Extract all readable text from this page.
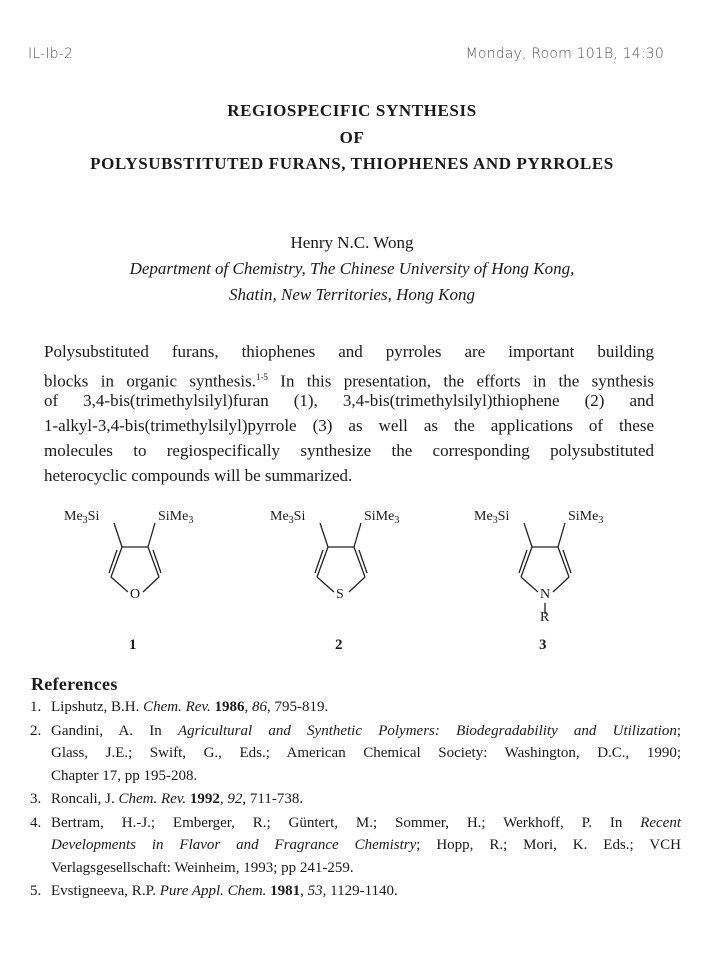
IL-Ib-2	Monday, Room 101B, 14:30
REGIOSPECIFIC SYNTHESIS
OF
POLYSUBSTITUTED FURANS, THIOPHENES AND PYRROLES
Henry N.C. Wong
Department of Chemistry, The Chinese University of Hong Kong,
Shatin, New Territories, Hong Kong
Polysubstituted furans, thiophenes and pyrroles are important building
blocks in organic synthesis.$^{1-5}$ In this presentation, the efforts in the synthesis
of 3,4-bis(trimethylsilyl)furan (1), 3,4-bis(trimethylsilyl)thiophene (2) and
1-alkyl-3,4-bis(trimethylsilyl)pyrrole (3) as well as the applications of these
molecules to regiospecifically synthesize the corresponding polysubstituted
heterocyclic compounds will be summarized.
$Me_3Si$	SiMe$_3$
O
1
$Me_3Si$	SiMe$_3$
S
2
$Me_3Si$	SiMe$_3$
N
R
3
References
1. Lipshutz, B.H. Chem. Rev. 1986, 86, 795-819.
2. Gandini, A. In Agricultural and Synthetic Polymers: Biodegradability and Utilization;
Glass, J.E.; Swift, G., Eds.; American Chemical Society: Washington, D.C., 1990;
Chapter 17, pp 195-208.
3. Roncali, J. Chem. Rev. 1992, 92, 711-738.
4. Bertram, H.-J.; Emberger, R.; Güntert, M.; Sommer, H.; Werkhoff, P. In Recent
Developments in Flavor and Fragrance Chemistry; Hopp, R.; Mori, K. Eds.; VCH
Verlagsgesellschaft: Weinheim, 1993; pp 241-259.
5. Evstigneeva, R.P. Pure Appl. Chem. 1981, 53, 1129-1140.
